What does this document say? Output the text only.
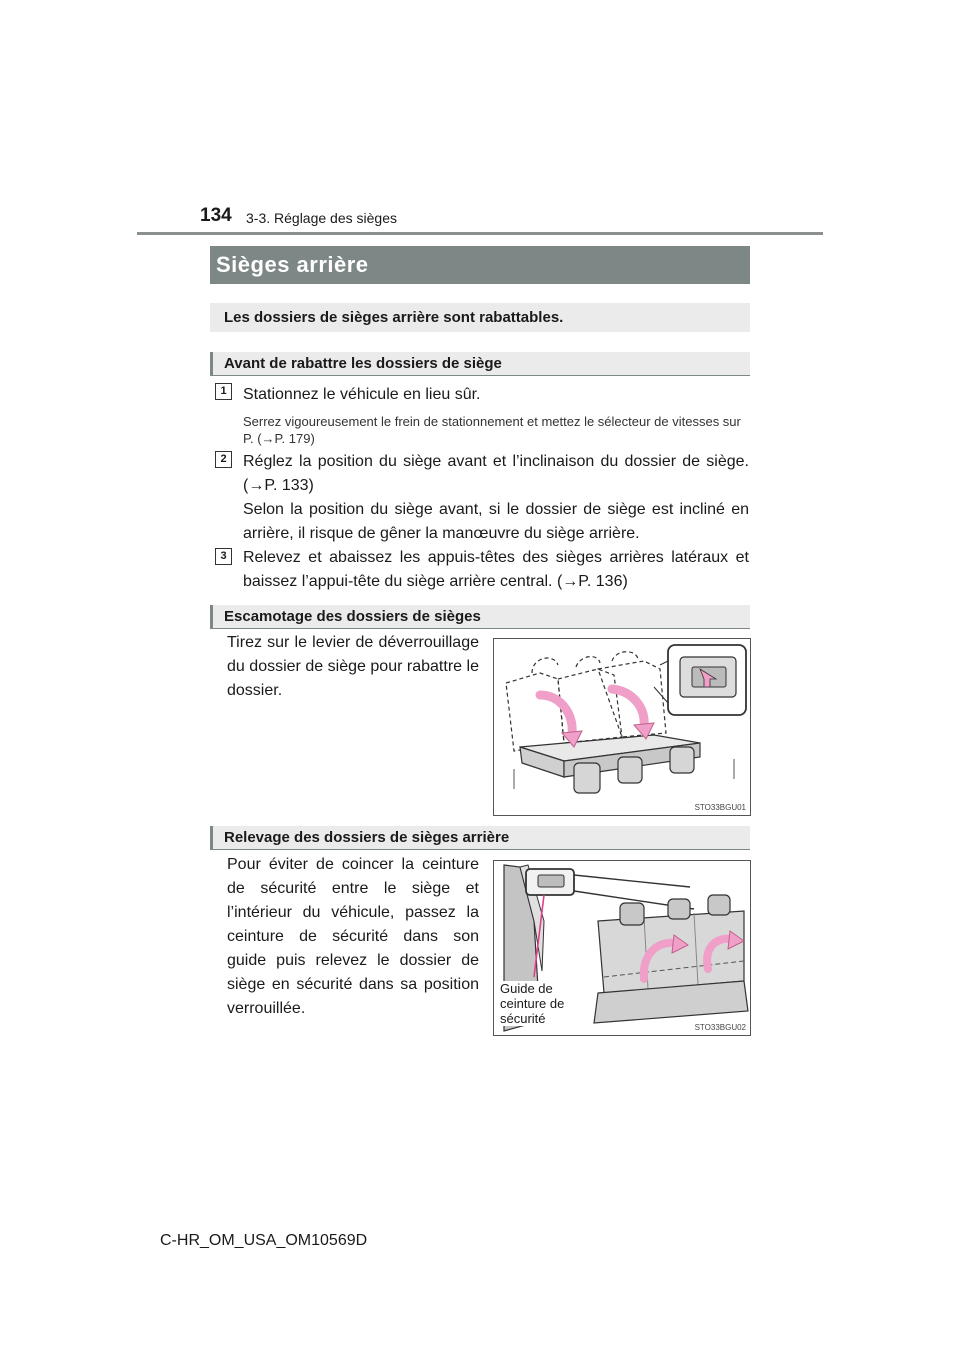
134 3-3. Réglage des sièges
Sièges arrière
Les dossiers de sièges arrière sont rabattables.
Avant de rabattre les dossiers de siège
1	Stationnez le véhicule en lieu sûr.
Serrez vigoureusement le frein de stationnement et mettez le sélecteur de vitesses sur P. (→P. 179)
2	Réglez la position du siège avant et l’inclinaison du dossier de siège. (→P. 133)
Selon la position du siège avant, si le dossier de siège est incliné en arrière, il risque de gêner la manœuvre du siège arrière.
3	Relevez et abaissez les appuis-têtes des sièges arrières latéraux et baissez l’appui-tête du siège arrière central. (→P. 136)
Escamotage des dossiers de sièges
Tirez sur le levier de déverrouillage du dossier de siège pour rabattre le dossier.
STO33BGU01
Relevage des dossiers de sièges arrière
Pour éviter de coincer la ceinture de sécurité entre le siège et l’intérieur du véhicule, passez la ceinture de sécurité dans son guide puis relevez le dossier de siège en sécurité dans sa position verrouillée.
Guide de ceinture de sécurité
STO33BGU02
C-HR_OM_USA_OM10569D
